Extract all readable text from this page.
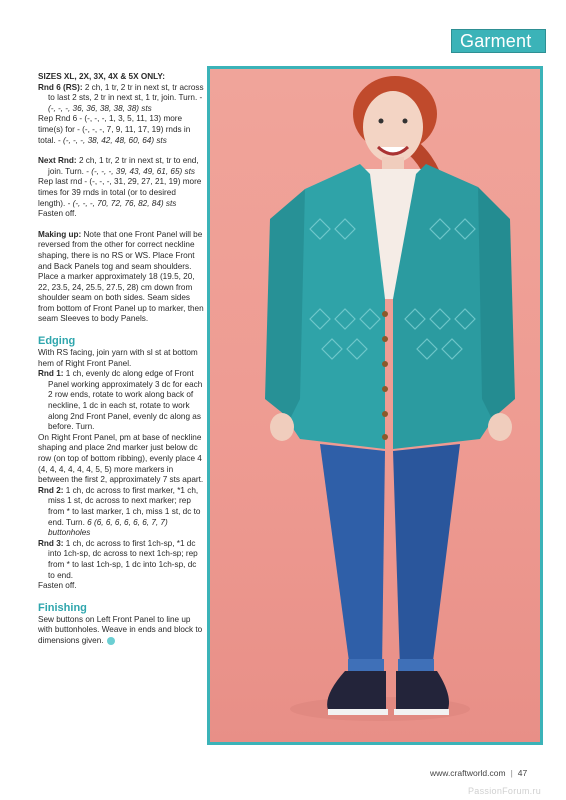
Garment

SIZES XL, 2X, 3X, 4X & 5X ONLY:

Rnd 6 (RS): 2 ch, 1 tr, 2 tr in next st, tr across to last 2 sts, 2 tr in next st, 1 tr, join. Turn. - (-, -, -, 36, 36, 38, 38, 38) sts

Rep Rnd 6 - (-, -, -, 1, 3, 5, 11, 13) more time(s) for - (-, -, -, 7, 9, 11, 17, 19) rnds in total. - (-, -, -, 38, 42, 48, 60, 64) sts

Next Rnd: 2 ch, 1 tr, 2 tr in next st, tr to end, join. Turn. - (-, -, -, 39, 43, 49, 61, 65) sts

Rep last rnd - (-, -, -, 31, 29, 27, 21, 19) more times for 39 rnds in total (or to desired length). - (-, -, -, 70, 72, 76, 82, 84) sts

Fasten off.

Making up: Note that one Front Panel will be reversed from the other for correct neckline shaping, there is no RS or WS. Place Front and Back Panels tog and seam shoulders.

Place a marker approximately 18 (19.5, 20, 22, 23.5, 24, 25.5, 27.5, 28) cm down from shoulder seam on both sides. Seam sides from bottom of Front Panel up to marker, then seam Sleeves to body Panels.

Edging

With RS facing, join yarn with sl st at bottom hem of Right Front Panel.

Rnd 1: 1 ch, evenly dc along edge of Front Panel working approximately 3 dc for each 2 row ends, rotate to work along back of neckline, 1 dc in each st, rotate to work along 2nd Front Panel, evenly dc along as before. Turn.

On Right Front Panel, pm at base of neckline shaping and place 2nd marker just below dc row (on top of bottom ribbing), evenly place 4 (4, 4, 4, 4, 4, 4, 5, 5) more markers in between the first 2, approximately 7 sts apart.

Rnd 2: 1 ch, dc across to first marker, *1 ch, miss 1 st, dc across to next marker; rep from * to last marker, 1 ch, miss 1 st, dc to end. Turn. 6 (6, 6, 6, 6, 6, 6, 7, 7) buttonholes

Rnd 3: 1 ch, dc across to first 1ch-sp, *1 dc into 1ch-sp, dc across to next 1ch-sp; rep from * to last 1ch-sp, 1 dc into 1ch-sp, dc to end.

Fasten off.

Finishing

Sew buttons on Left Front Panel to line up with buttonholes. Weave in ends and block to dimensions given.

www.craftworld.com | 47
PassionForum.ru
